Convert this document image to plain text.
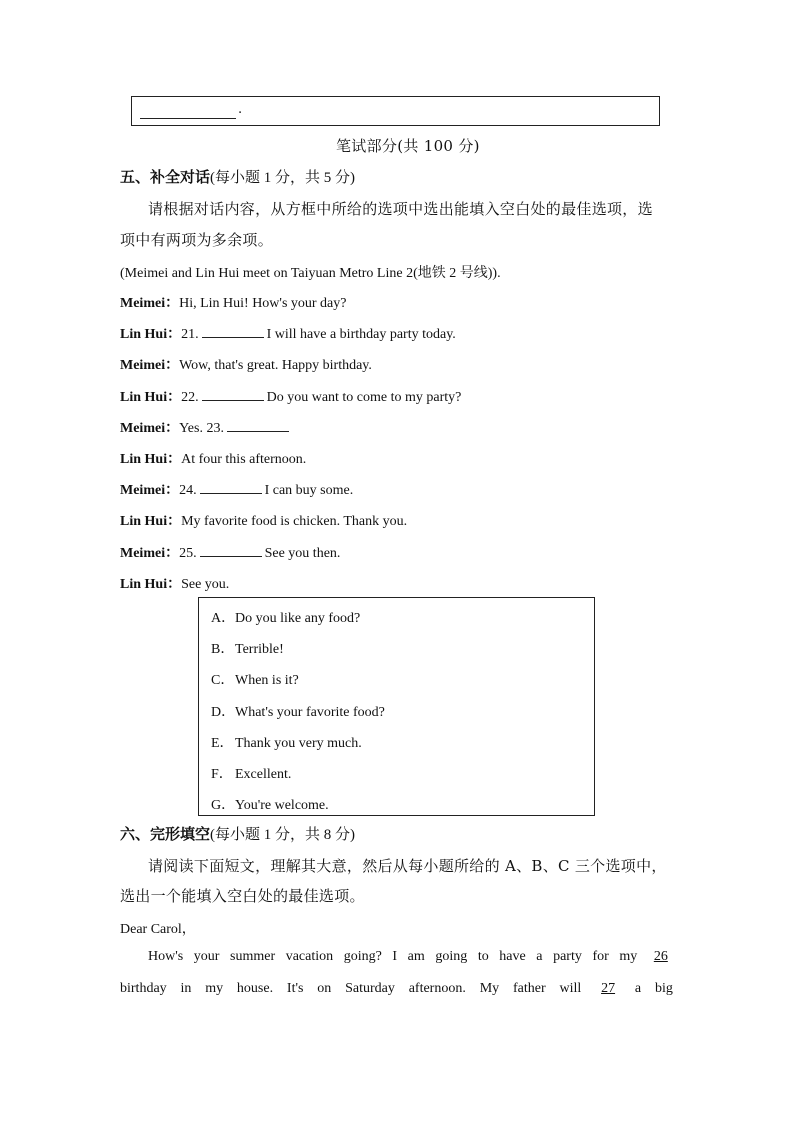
.
笔试部分(共 100 分)
五、补全对话(每小题 1 分，共 5 分)
请根据对话内容，从方框中所给的选项中选出能填入空白处的最佳选项，选
项中有两项为多余项。
(Meimei and Lin Hui meet on Taiyuan Metro Line 2(地铁 2 号线)).
Meimei：Hi, Lin Hui! How's your day?
Lin Hui：21.	I will have a birthday party today.
Meimei：Wow, that's great. Happy birthday.
Lin Hui：22.	Do you want to come to my party?
Meimei：Yes. 23.
Lin Hui：At four this afternoon.
Meimei：24.	I can buy some.
Lin Hui：My favorite food is chicken. Thank you.
Meimei：25.	See you then.
Lin Hui：See you.
A．Do you like any food?
B．Terrible!
C．When is it?
D．What's your favorite food?
E．Thank you very much.
F． Excellent.
G．You're welcome.
六、完形填空(每小题 1 分，共 8 分)
请阅读下面短文，理解其大意，然后从每小题所给的 A、B、C 三个选项中，
选出一个能填入空白处的最佳选项。
Dear Carol，
How's your summer vacation going? I am going to have a party for my	26
birthday in my house. It's on Saturday afternoon. My father will	27	a big
